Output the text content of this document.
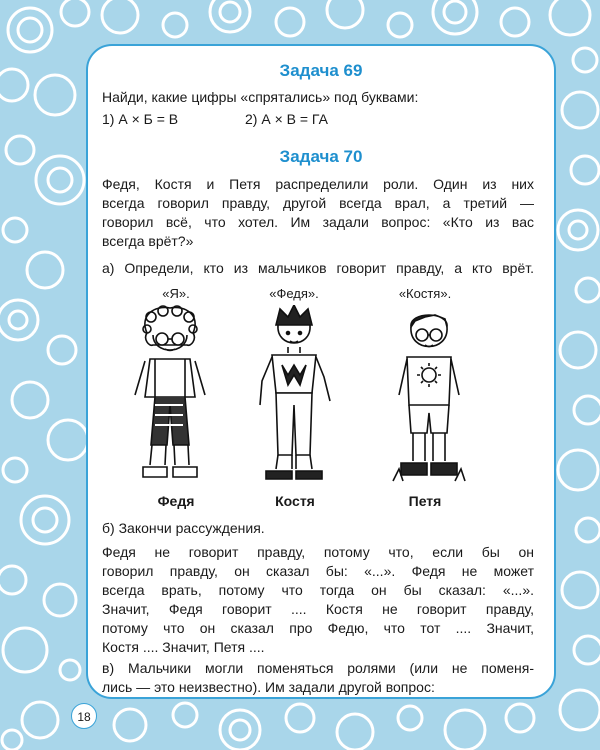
Задача 69
Найди, какие цифры «спрятались» под буквами:
1) А × Б = В	2) А × В = ГА
Задача 70
Федя, Костя и Петя распределили роли. Один из них
всегда говорил правду, другой всегда врал, а третий —
говорил всё, что хотел. Им задали вопрос: «Кто из вас
всегда врёт?»
а) Определи, кто из мальчиков говорит правду, а кто врёт.
«Я».	«Федя».	«Костя».
Федя	Костя	Петя
б) Закончи рассуждения.
Федя не говорит правду, потому что, если бы он
говорил правду, он сказал бы: «...». Федя не может
всегда врать, потому что тогда он бы сказал: «...».
Значит, Федя говорит .... Костя не говорит правду,
потому что он сказал про Федю, что тот .... Значит,
Костя .... Значит, Петя ....
в) Мальчики могли поменяться ролями (или не поменя-
лись — это неизвестно). Им задали другой вопрос:
18
